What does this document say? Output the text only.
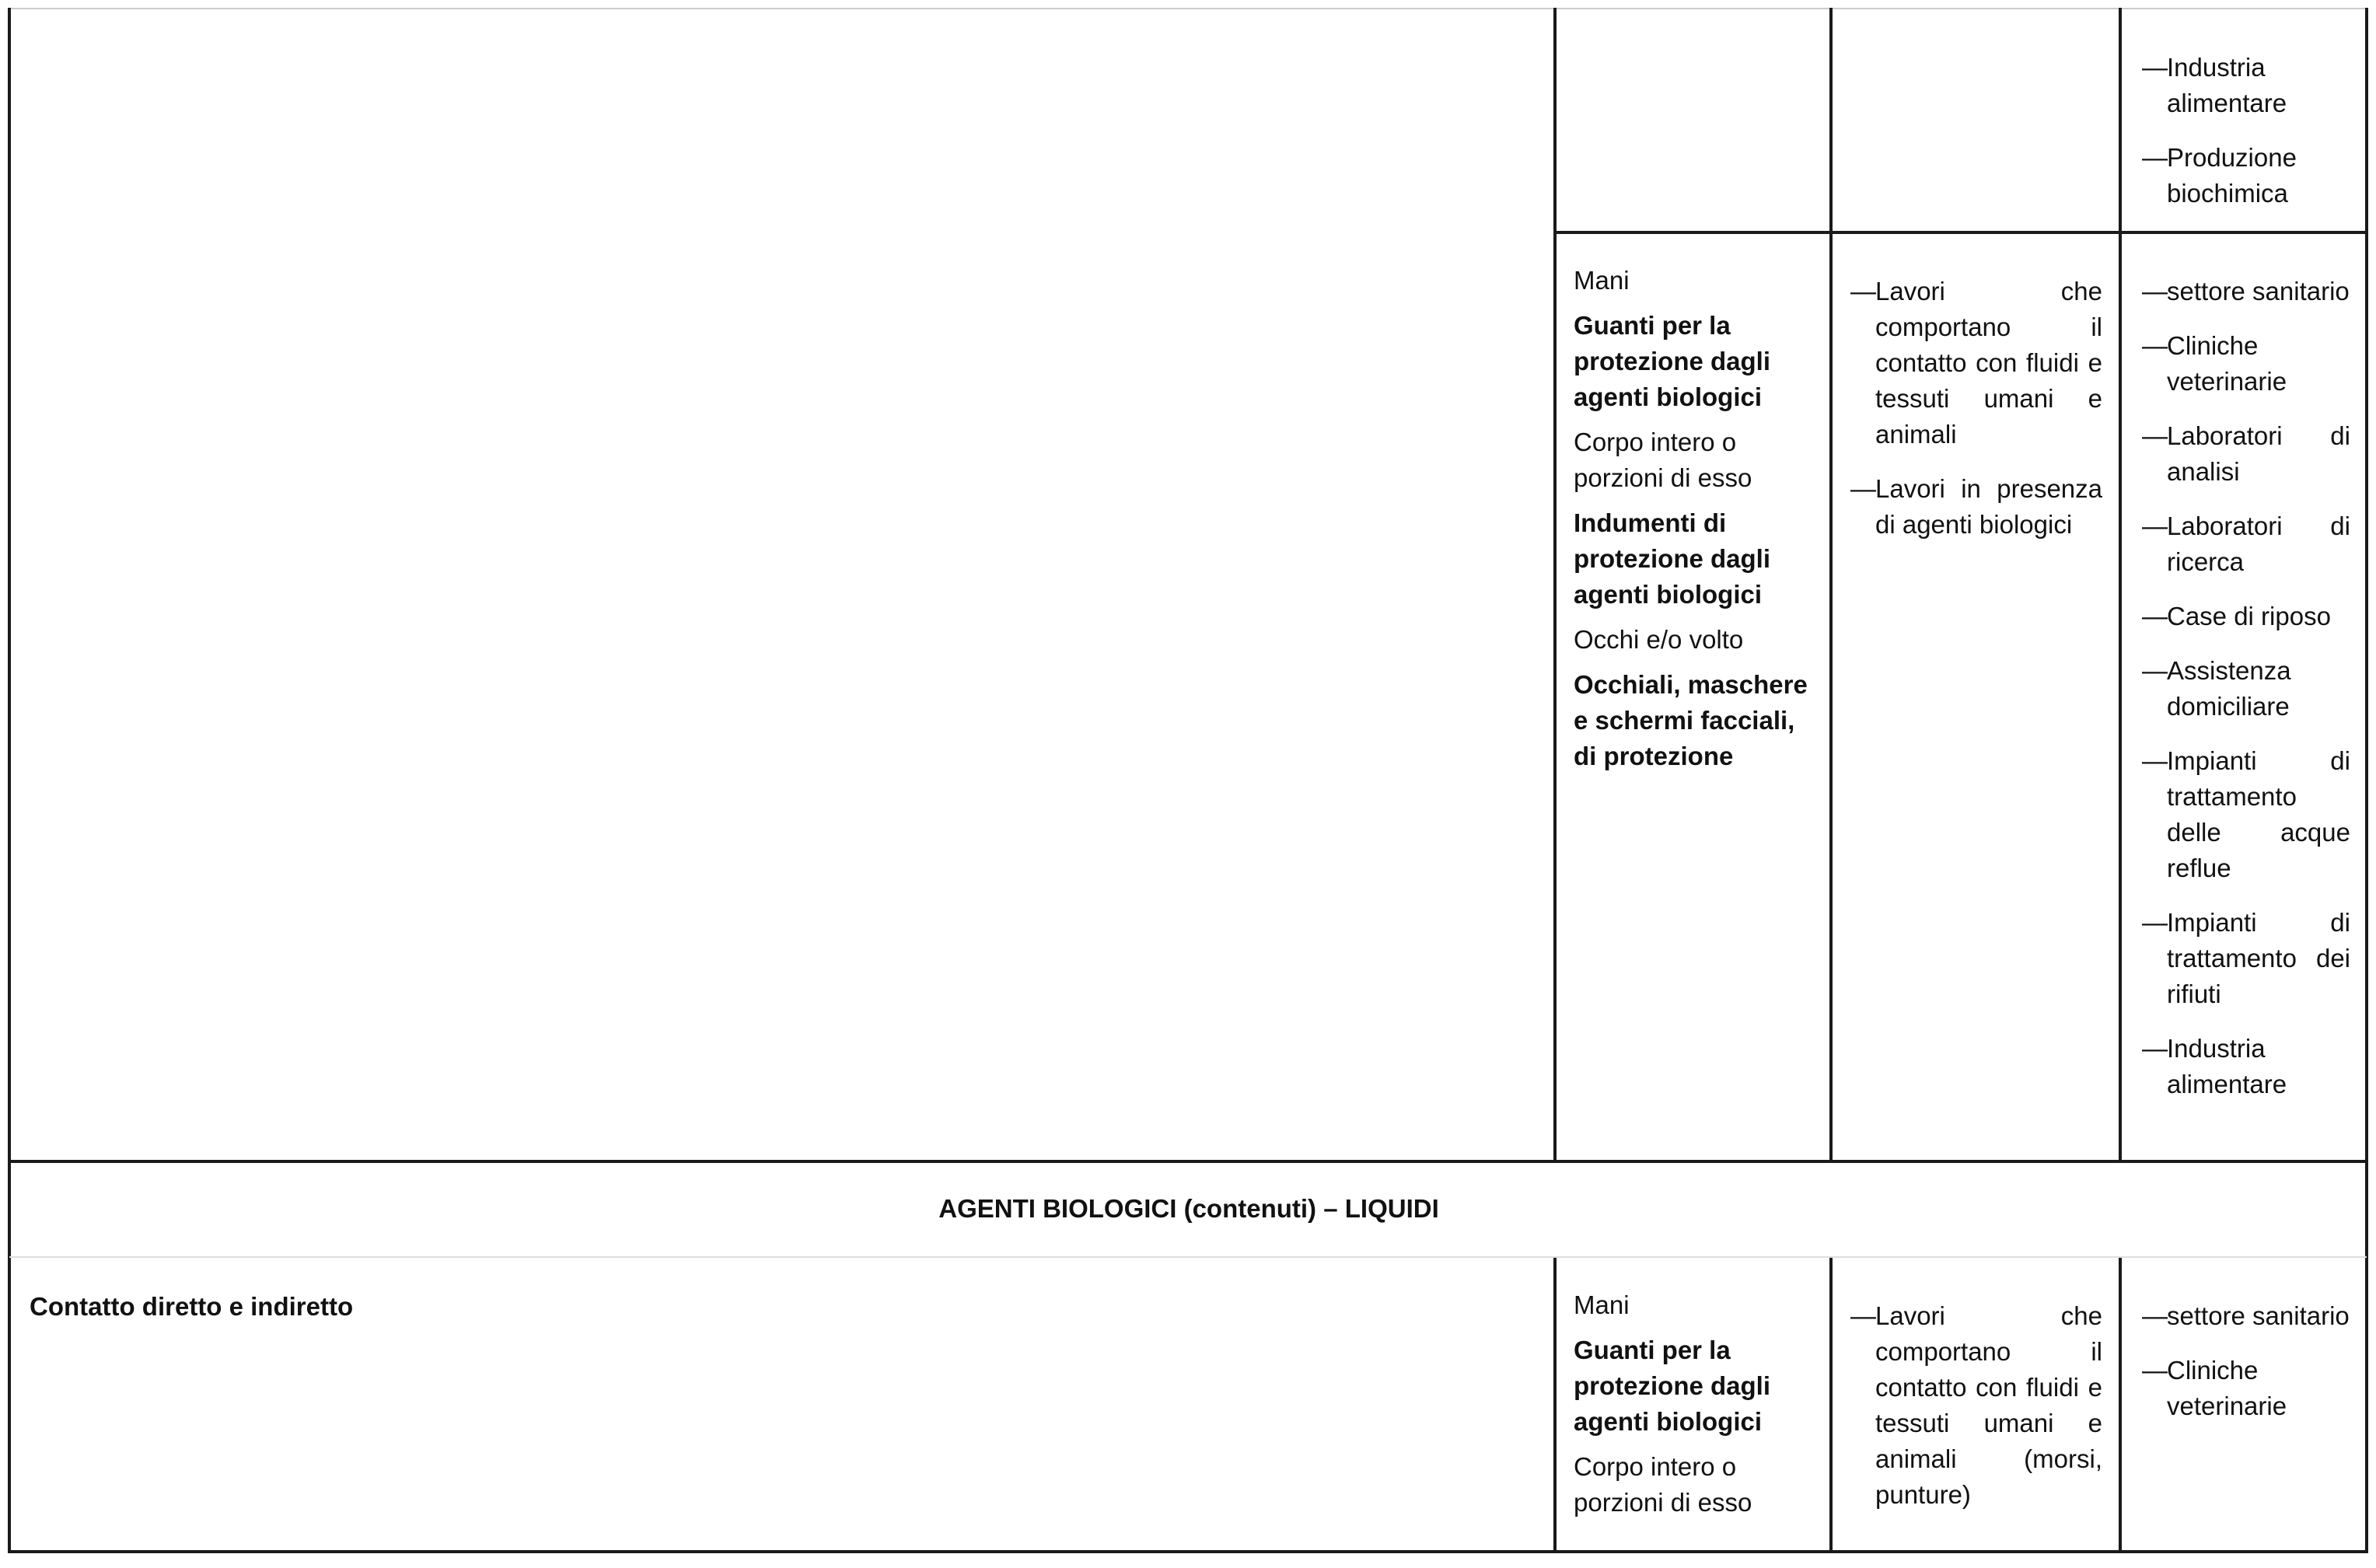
— Industria alimentare
— Produzione biochimica

Mani

Guanti per la protezione dagli agenti biologici

Corpo intero o porzioni di esso

Indumenti di protezione dagli agenti biologici

Occhi e/o volto

Occhiali, maschere e schermi facciali, di protezione

— Lavori che comportano il contatto con fluidi e tessuti umani e animali
— Lavori in presenza di agenti biologici
— settore sanitario
— Cliniche veterinarie
— Laboratori di analisi
— Laboratori di ricerca
— Case di riposo
— Assistenza domiciliare
— Impianti di trattamento delle acque reflue
— Impianti di trattamento dei rifiuti
— Industria alimentare
AGENTI BIOLOGICI (contenuti) – LIQUIDI
Contatto diretto e indiretto	Mani

Guanti per la protezione dagli agenti biologici

Corpo intero o porzioni di esso

— Lavori che comportano il contatto con fluidi e tessuti umani e animali (morsi, punture)
— settore sanitario
— Cliniche veterinarie
